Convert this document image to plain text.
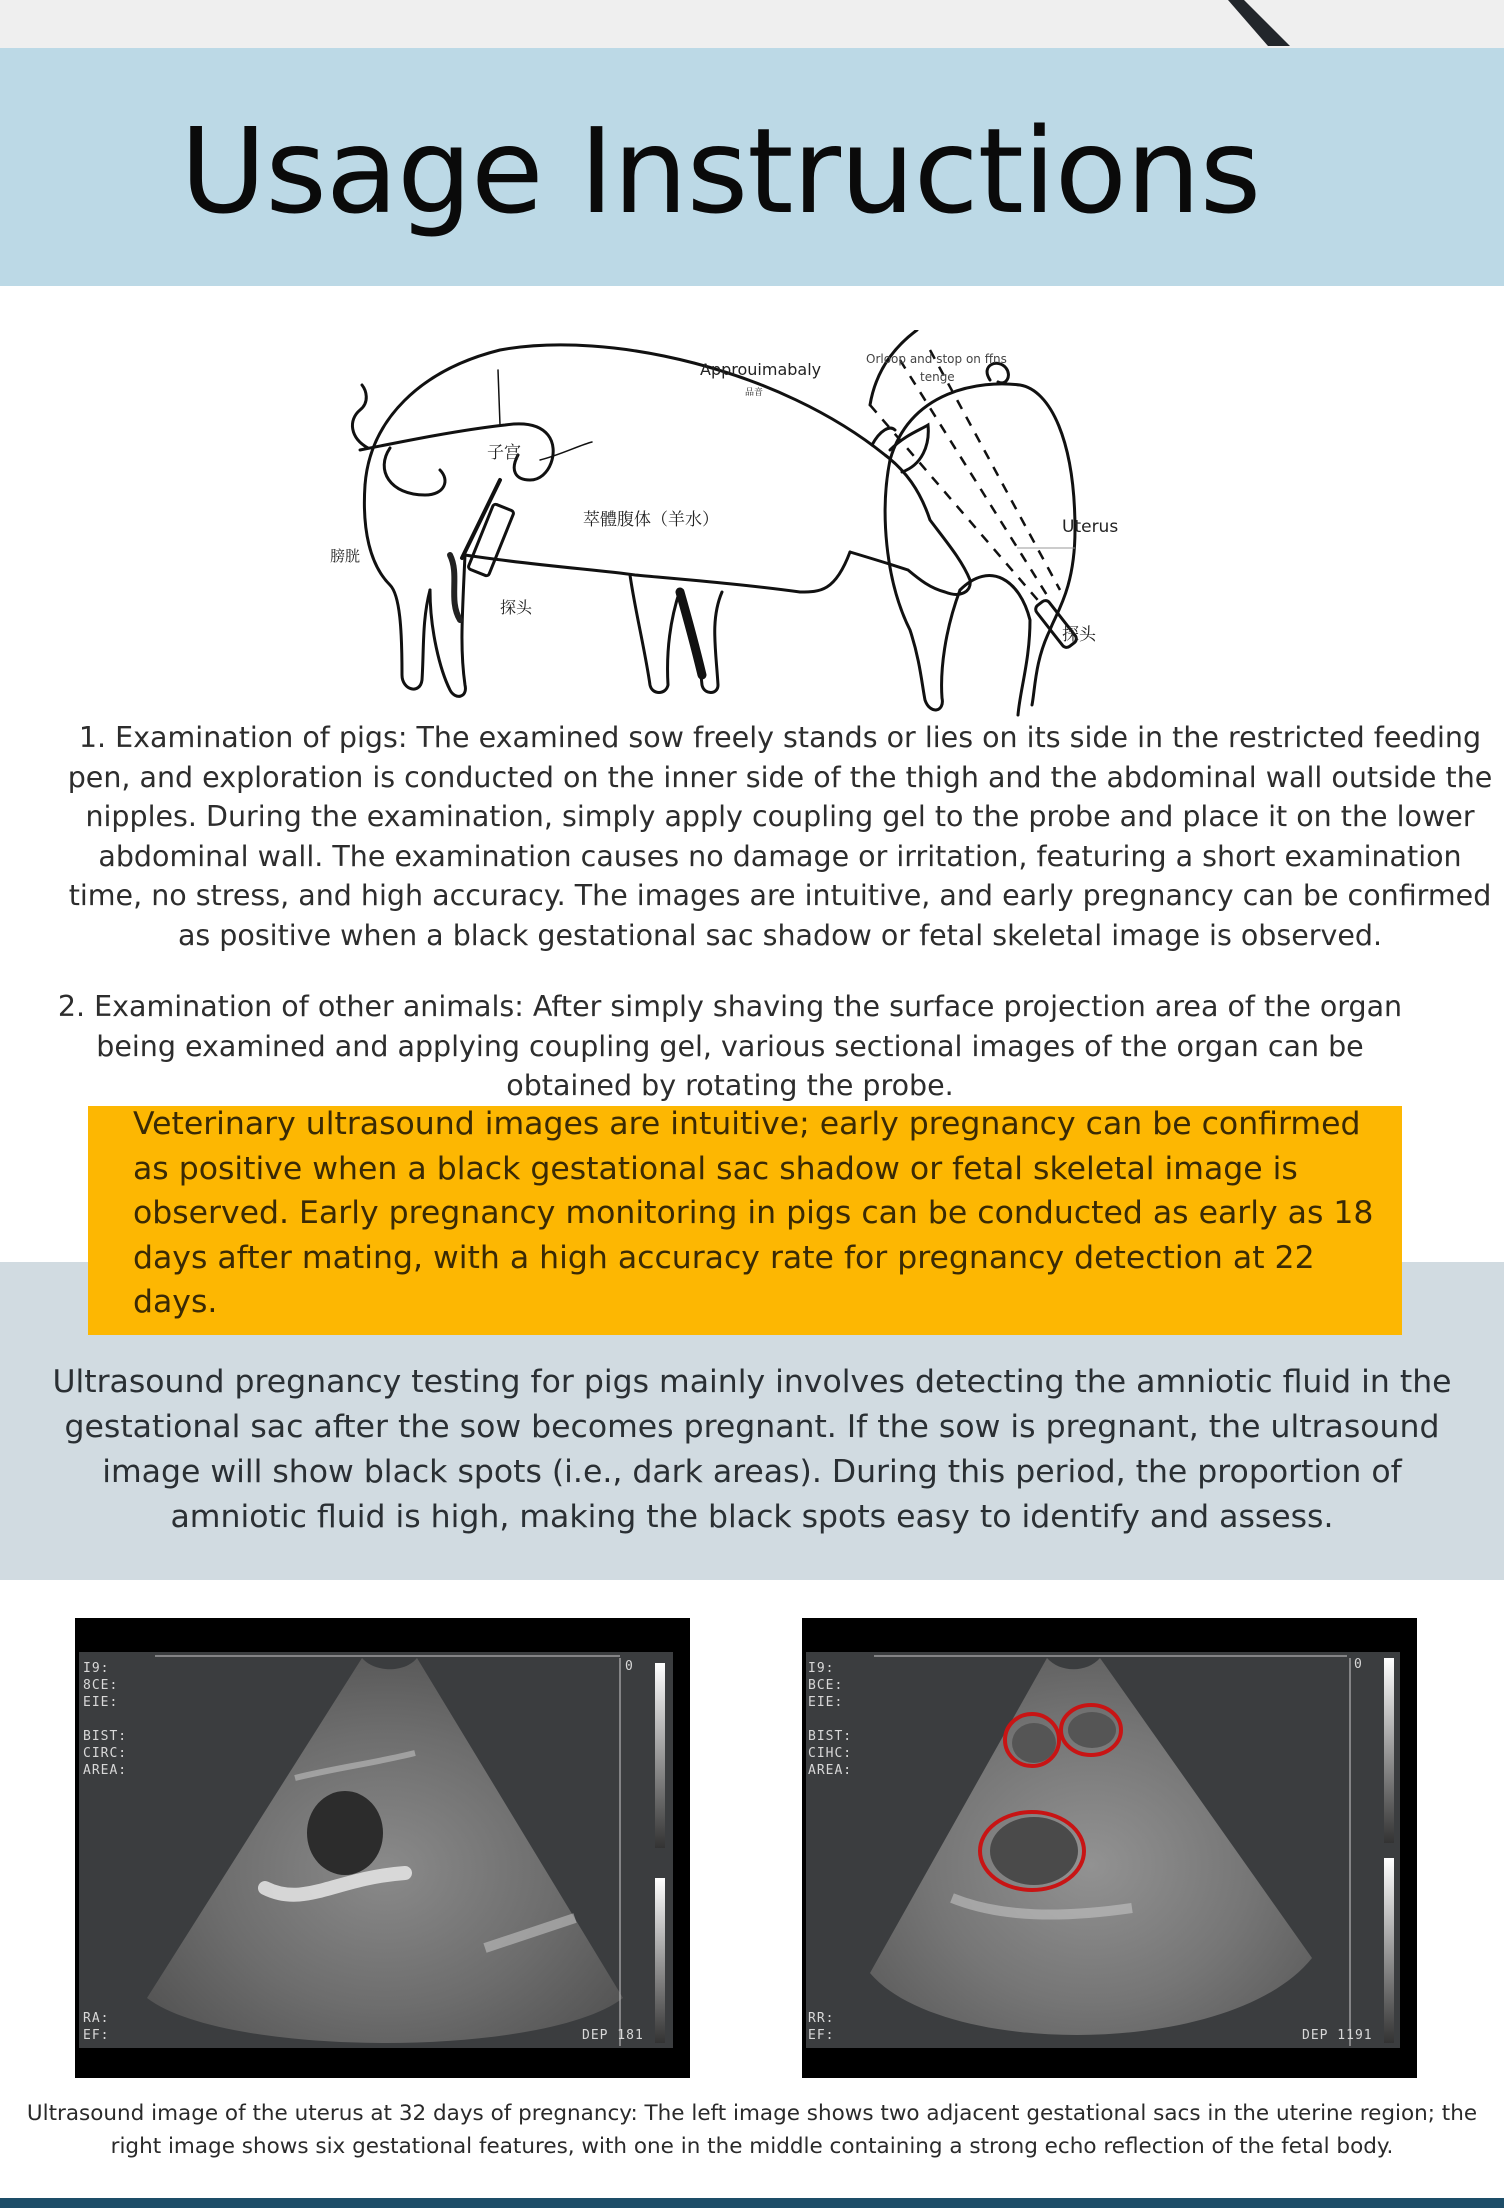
Usage Instructions
Approuimabaly
品音
Orloop and stop on ffns
tenge
Uterus
探头
子宫
萃體腹体（羊水）
膀胱
探头
1. Examination of pigs: The examined sow freely stands or lies on its side in the restricted feeding pen, and exploration is conducted on the inner side of the thigh and the abdominal wall outside the nipples. During the examination, simply apply coupling gel to the probe and place it on the lower abdominal wall. The examination causes no damage or irritation, featuring a short examination time, no stress, and high accuracy. The images are intuitive, and early pregnancy can be confirmed as positive when a black gestational sac shadow or fetal skeletal image is observed.
2. Examination of other animals: After simply shaving the surface projection area of the organ being examined and applying coupling gel, various sectional images of the organ can be obtained by rotating the probe.
Veterinary ultrasound images are intuitive; early pregnancy can be confirmed as positive when a black gestational sac shadow or fetal skeletal image is observed. Early pregnancy monitoring in pigs can be conducted as early as 18 days after mating, with a high accuracy rate for pregnancy detection at 22 days.
Ultrasound pregnancy testing for pigs mainly involves detecting the amniotic fluid in the gestational sac after the sow becomes pregnant. If the sow is pregnant, the ultrasound image will show black spots (i.e., dark areas). During this period, the proportion of amniotic fluid is high, making the black spots easy to identify and assess.
I9:
8CE:
EIE:
BIST:
CIRC:
AREA:
RA:
EF:	DEP 181
0	I9:
BCE:
EIE:
BIST:
CIHC:
AREA:
RR:
EF:	DEP 1191
0
Ultrasound image of the uterus at 32 days of pregnancy: The left image shows two adjacent gestational sacs in the uterine region; the right image shows six gestational features, with one in the middle containing a strong echo reflection of the fetal body.
